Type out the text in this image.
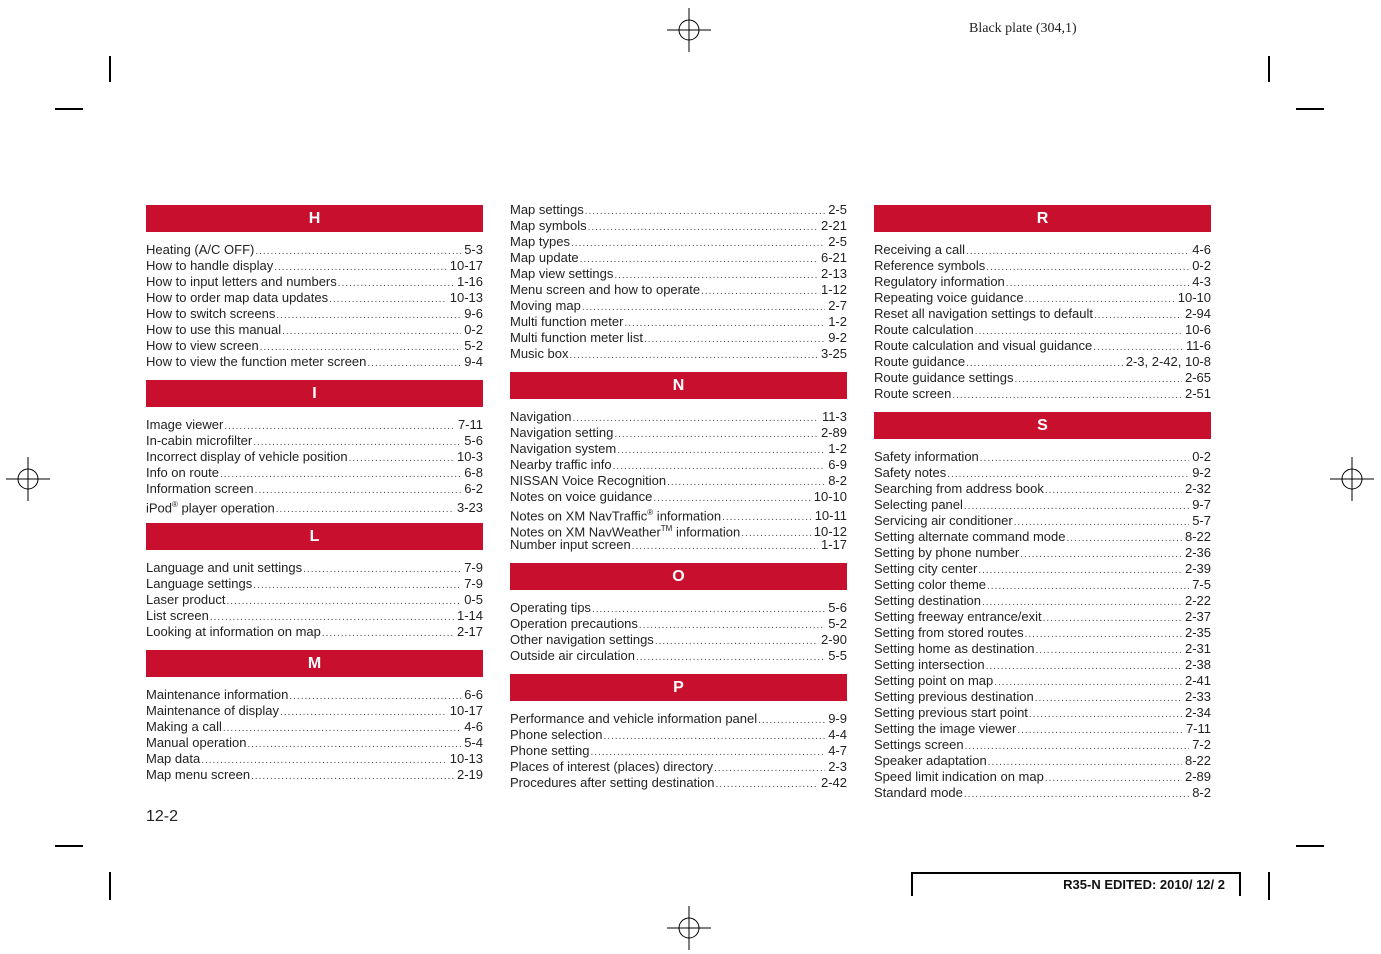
Black plate (304,1)
H
Heating (A/C OFF) .....	5-3
How to handle display .....	10-17
How to input letters and numbers .....	1-16
How to order map data updates .....	10-13
How to switch screens .....	9-6
How to use this manual .....	0-2
How to view screen .....	5-2
How to view the function meter screen .....	9-4
I
Image viewer .....	7-11
In-cabin microfilter .....	5-6
Incorrect display of vehicle position .....	10-3
Info on route .....	6-8
Information screen .....	6-2
iPod® player operation .....	3-23
L
Language and unit settings .....	7-9
Language settings .....	7-9
Laser product .....	0-5
List screen .....	1-14
Looking at information on map .....	2-17
M
Maintenance information .....	6-6
Maintenance of display .....	10-17
Making a call .....	4-6
Manual operation .....	5-4
Map data .....	10-13
Map menu screen .....	2-19
Map settings .....	2-5
Map symbols .....	2-21
Map types .....	2-5
Map update .....	6-21
Map view settings .....	2-13
Menu screen and how to operate .....	1-12
Moving map .....	2-7
Multi function meter .....	1-2
Multi function meter list .....	9-2
Music box .....	3-25
N
Navigation .....	11-3
Navigation setting .....	2-89
Navigation system .....	1-2
Nearby traffic info .....	6-9
NISSAN Voice Recognition .....	8-2
Notes on voice guidance .....	10-10
Notes on XM NavTraffic® information .....	10-11
Notes on XM NavWeather™ information .....	10-12
Number input screen .....	1-17
O
Operating tips .....	5-6
Operation precautions .....	5-2
Other navigation settings .....	2-90
Outside air circulation .....	5-5
P
Performance and vehicle information panel .....	9-9
Phone selection .....	4-4
Phone setting .....	4-7
Places of interest (places) directory .....	2-3
Procedures after setting destination .....	2-42
R
Receiving a call .....	4-6
Reference symbols .....	0-2
Regulatory information .....	4-3
Repeating voice guidance .....	10-10
Reset all navigation settings to default .....	2-94
Route calculation .....	10-6
Route calculation and visual guidance .....	11-6
Route guidance .....	2-3, 2-42, 10-8
Route guidance settings .....	2-65
Route screen .....	2-51
S
Safety information .....	0-2
Safety notes .....	9-2
Searching from address book .....	2-32
Selecting panel .....	9-7
Servicing air conditioner .....	5-7
Setting alternate command mode .....	8-22
Setting by phone number .....	2-36
Setting city center .....	2-39
Setting color theme .....	7-5
Setting destination .....	2-22
Setting freeway entrance/exit .....	2-37
Setting from stored routes .....	2-35
Setting home as destination .....	2-31
Setting intersection .....	2-38
Setting point on map .....	2-41
Setting previous destination .....	2-33
Setting previous start point .....	2-34
Setting the image viewer .....	7-11
Settings screen .....	7-2
Speaker adaptation .....	8-22
Speed limit indication on map .....	2-89
Standard mode .....	8-2
12-2
R35-N EDITED: 2010/ 12/ 2
